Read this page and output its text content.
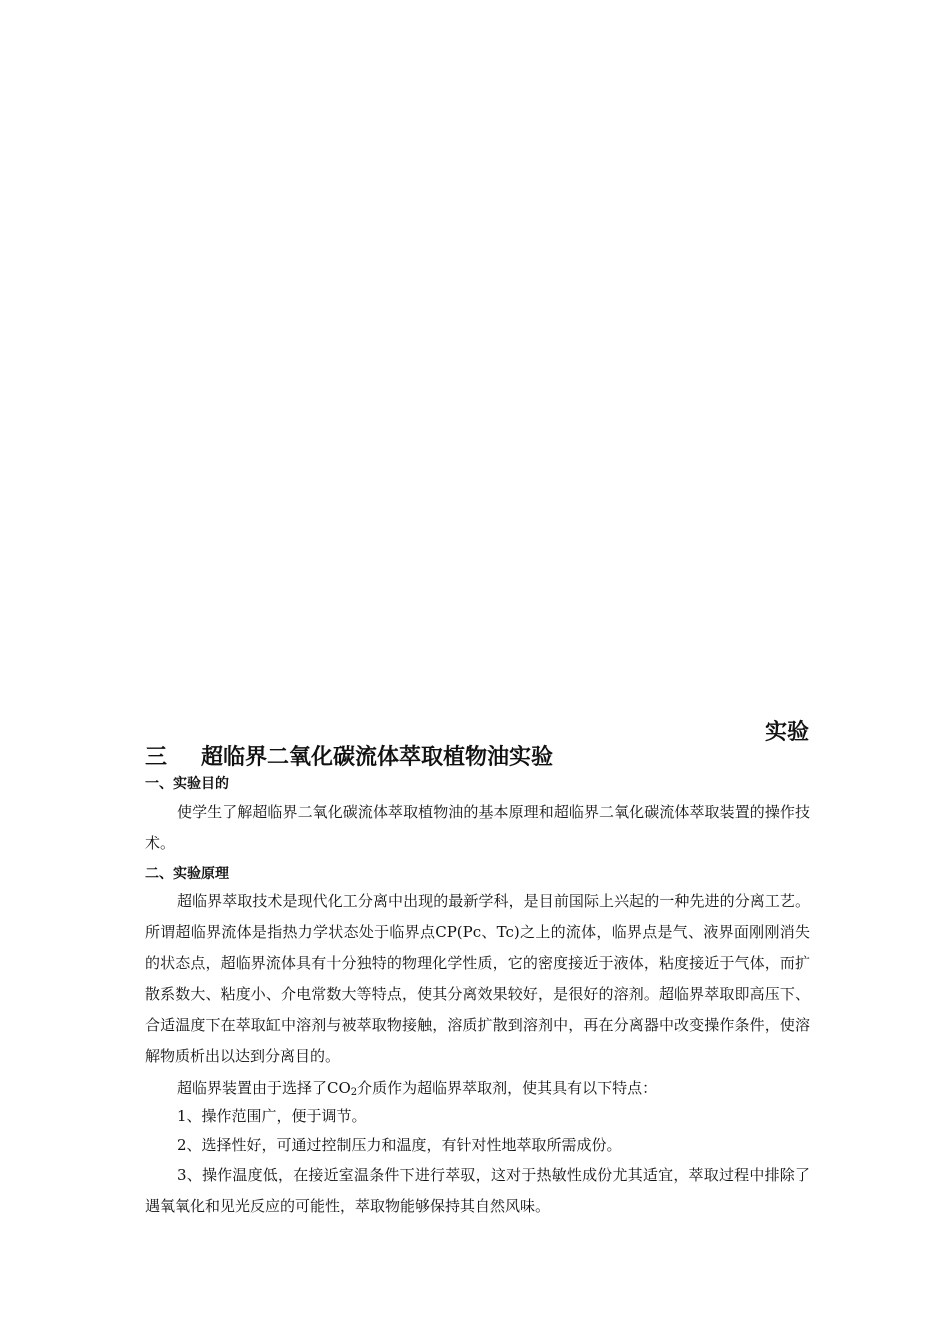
实验
三 超临界二氧化碳流体萃取植物油实验
一、实验目的
使学生了解超临界二氧化碳流体萃取植物油的基本原理和超临界二氧化碳流体萃取装置的操作技术。
二、实验原理
超临界萃取技术是现代化工分离中出现的最新学科，是目前国际上兴起的一种先进的分离工艺。所谓超临界流体是指热力学状态处于临界点CP(Pc、Tc)之上的流体，临界点是气、液界面刚刚消失的状态点，超临界流体具有十分独特的物理化学性质，它的密度接近于液体，粘度接近于气体，而扩散系数大、粘度小、介电常数大等特点，使其分离效果较好，是很好的溶剂。超临界萃取即高压下、合适温度下在萃取缸中溶剂与被萃取物接触，溶质扩散到溶剂中，再在分离器中改变操作条件，使溶解物质析出以达到分离目的。
超临界装置由于选择了$CO_2$介质作为超临界萃取剂，使其具有以下特点：
1、操作范围广，便于调节。
2、选择性好，可通过控制压力和温度，有针对性地萃取所需成份。
3、操作温度低，在接近室温条件下进行萃驭，这对于热敏性成份尤其适宜，萃取过程中排除了遇氧氧化和见光反应的可能性，萃取物能够保持其自然风味。
